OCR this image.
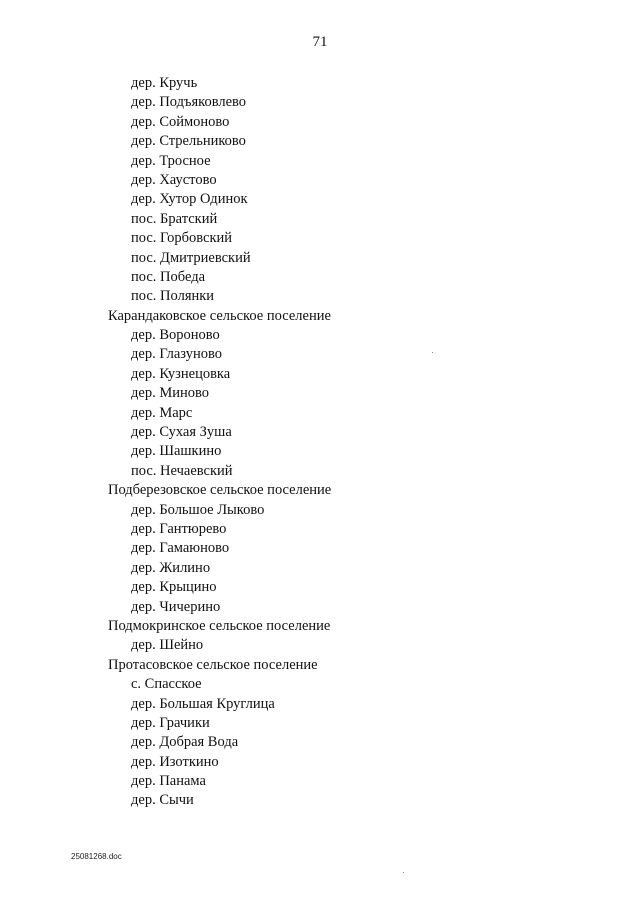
71
дер. Кручь
дер. Подъяковлево
дер. Соймоново
дер. Стрельниково
дер. Тросное
дер. Хаустово
дер. Хутор Одинок
пос. Братский
пос. Горбовский
пос. Дмитриевский
пос. Победа
пос. Полянки
Карандаковское сельское поселение
дер. Вороново
дер. Глазуново
дер. Кузнецовка
дер. Миново
дер. Марс
дер. Сухая Зуша
дер. Шашкино
пос. Нечаевский
Подберезовское сельское поселение
дер. Большое Лыково
дер. Гантюрево
дер. Гамаюново
дер. Жилино
дер. Крыцино
дер. Чичерино
Подмокринское сельское поселение
дер. Шейно
Протасовское сельское поселение
с. Спасское
дер. Большая Круглица
дер. Грачики
дер. Добрая Вода
дер. Изоткино
дер. Панама
дер. Сычи
25081268.doc
